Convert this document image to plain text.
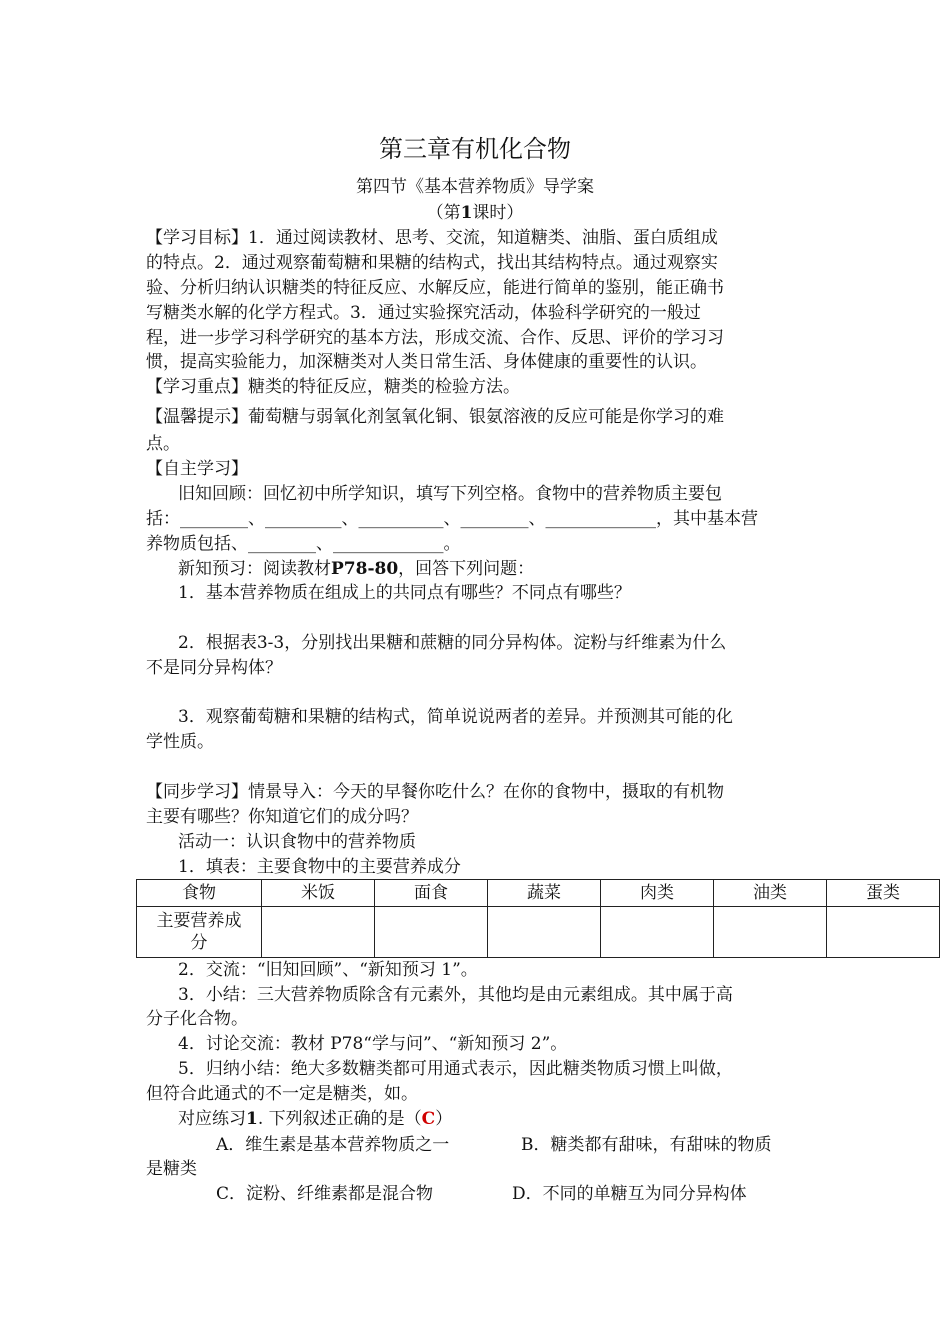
第三章有机化合物
第四节《基本营养物质》导学案
（第1课时）
【学习目标】1．通过阅读教材、思考、交流，知道糖类、油脂、蛋白质组成
的特点。2．通过观察葡萄糖和果糖的结构式，找出其结构特点。通过观察实
验、分析归纳认识糖类的特征反应、水解反应，能进行简单的鉴别，能正确书
写糖类水解的化学方程式。3．通过实验探究活动，体验科学研究的一般过
程，进一步学习科学研究的基本方法，形成交流、合作、反思、评价的学习习
惯，提高实验能力，加深糖类对人类日常生活、身体健康的重要性的认识。
【学习重点】糖类的特征反应，糖类的检验方法。
【温馨提示】葡萄糖与弱氧化剂氢氧化铜、银氨溶液的反应可能是你学习的难
点。
【自主学习】
旧知回顾：回忆初中所学知识，填写下列空格。食物中的营养物质主要包
括：________、_________、__________、________、_____________，其中基本营
养物质包括、________、_____________。
新知预习：阅读教材P78-80，回答下列问题：
1．基本营养物质在组成上的共同点有哪些？不同点有哪些？
2．根据表3-3，分别找出果糖和蔗糖的同分异构体。淀粉与纤维素为什么
不是同分异构体？
3．观察葡萄糖和果糖的结构式，简单说说两者的差异。并预测其可能的化
学性质。
【同步学习】情景导入：今天的早餐你吃什么？在你的食物中，摄取的有机物
主要有哪些？你知道它们的成分吗？
活动一：认识食物中的营养物质
1．填表：主要食物中的主要营养成分
食物	米饭	面食	蔬菜	肉类	油类	蛋类

主要营养成
分						

2．交流：“旧知回顾”、“新知预习 1”。
3．小结：三大营养物质除含有元素外，其他均是由元素组成。其中属于高
分子化合物。
4．讨论交流：教材 P78“学与问”、“新知预习 2”。
5．归纳小结：绝大多数糖类都可用通式表示，因此糖类物质习惯上叫做，
但符合此通式的不一定是糖类，如。
对应练习1. 下列叙述正确的是（C）
A．维生素是基本营养物质之一	B．糖类都有甜味，有甜味的物质
是糖类
C．淀粉、纤维素都是混合物	D．不同的单糖互为同分异构体
